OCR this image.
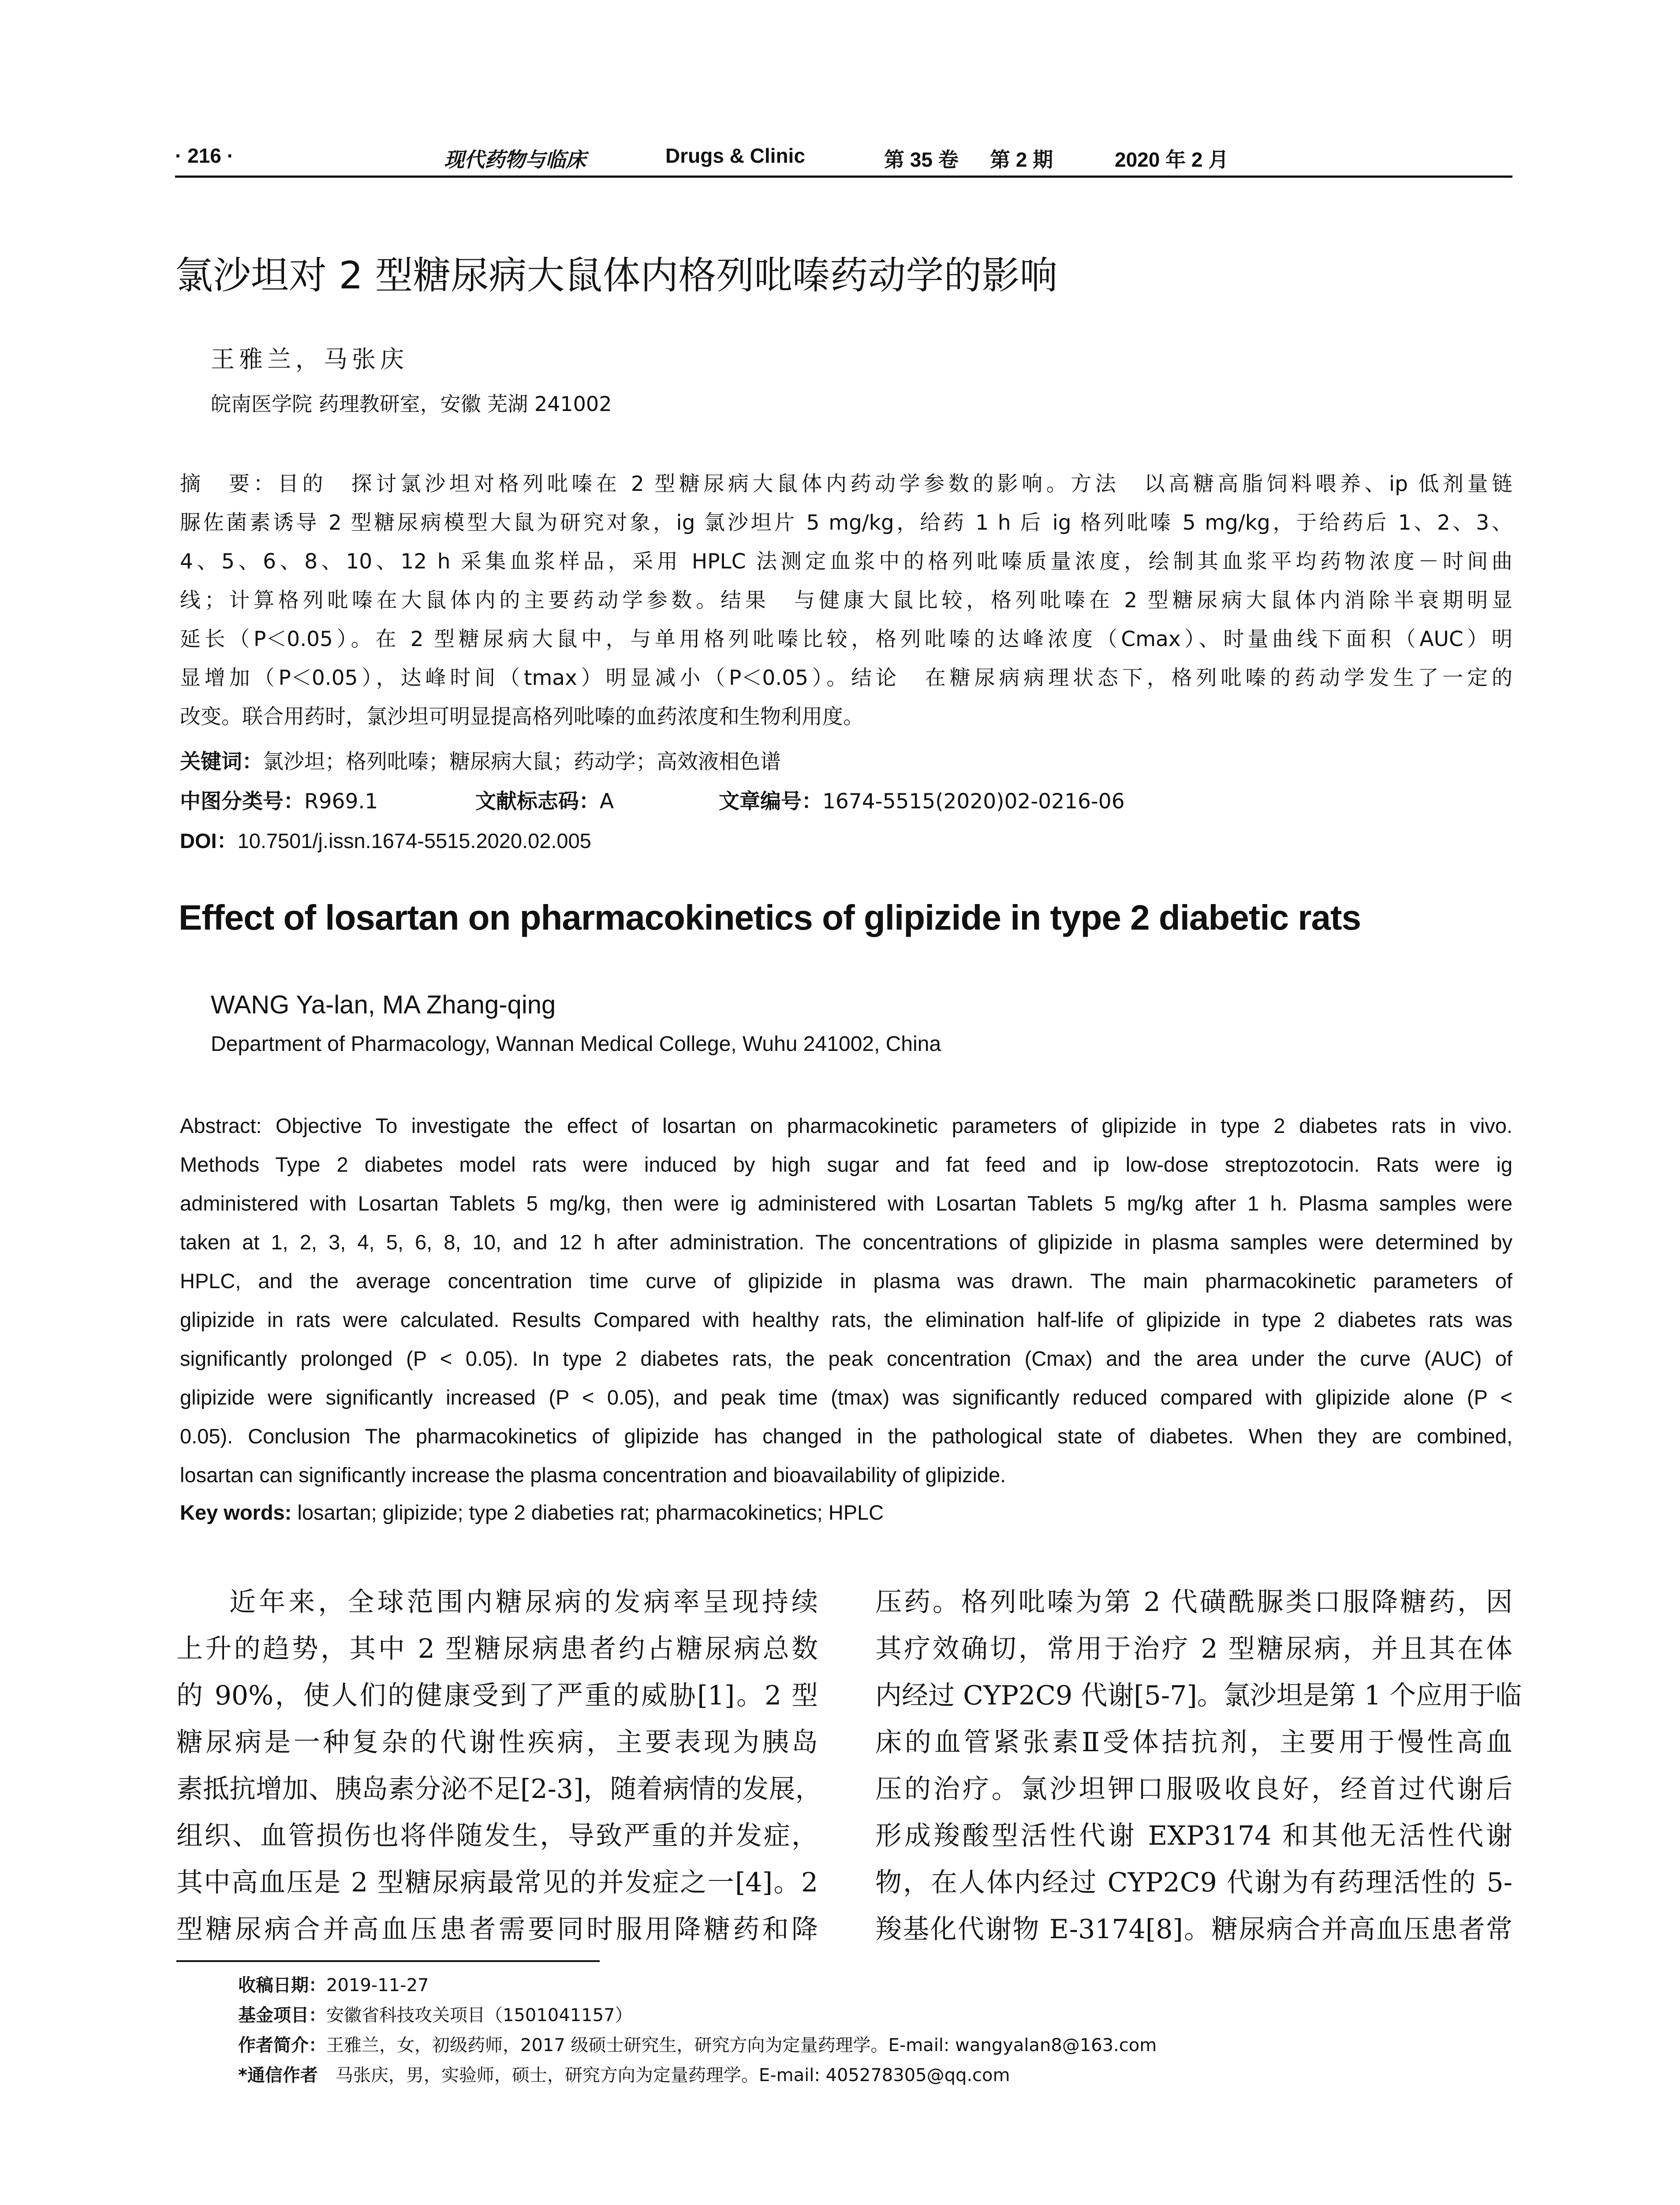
· 216 ·	现代药物与临床	Drugs & Clinic	第 35 卷 第 2 期	2020 年 2 月
氯沙坦对 2 型糖尿病大鼠体内格列吡嗪药动学的影响
王雅兰，马张庆
皖南医学院 药理教研室，安徽 芜湖 241002
摘　要：目的　探讨氯沙坦对格列吡嗪在 2 型糖尿病大鼠体内药动学参数的影响。方法　以高糖高脂饲料喂养、ip 低剂量链
脲佐菌素诱导 2 型糖尿病模型大鼠为研究对象，ig 氯沙坦片 5 mg/kg，给药 1 h 后 ig 格列吡嗪 5 mg/kg，于给药后 1、2、3、
4、5、6、8、10、12 h 采集血浆样品，采用 HPLC 法测定血浆中的格列吡嗪质量浓度，绘制其血浆平均药物浓度－时间曲
线；计算格列吡嗪在大鼠体内的主要药动学参数。结果　与健康大鼠比较，格列吡嗪在 2 型糖尿病大鼠体内消除半衰期明显
延长（P＜0.05）。在 2 型糖尿病大鼠中，与单用格列吡嗪比较，格列吡嗪的达峰浓度（Cmax）、时量曲线下面积（AUC）明
显增加（P＜0.05），达峰时间（tmax）明显减小（P＜0.05）。结论　在糖尿病病理状态下，格列吡嗪的药动学发生了一定的
改变。联合用药时，氯沙坦可明显提高格列吡嗪的血药浓度和生物利用度。
关键词：氯沙坦；格列吡嗪；糖尿病大鼠；药动学；高效液相色谱
中图分类号：R969.1	文献标志码：A	文章编号：1674-5515(2020)02-0216-06
DOI：10.7501/j.issn.1674-5515.2020.02.005
Effect of losartan on pharmacokinetics of glipizide in type 2 diabetic rats
WANG Ya-lan, MA Zhang-qing
Department of Pharmacology, Wannan Medical College, Wuhu 241002, China
Abstract: Objective To investigate the effect of losartan on pharmacokinetic parameters of glipizide in type 2 diabetes rats in vivo.
Methods Type 2 diabetes model rats were induced by high sugar and fat feed and ip low-dose streptozotocin. Rats were ig
administered with Losartan Tablets 5 mg/kg, then were ig administered with Losartan Tablets 5 mg/kg after 1 h. Plasma samples were
taken at 1, 2, 3, 4, 5, 6, 8, 10, and 12 h after administration. The concentrations of glipizide in plasma samples were determined by
HPLC, and the average concentration time curve of glipizide in plasma was drawn. The main pharmacokinetic parameters of
glipizide in rats were calculated. Results Compared with healthy rats, the elimination half-life of glipizide in type 2 diabetes rats was
significantly prolonged (P < 0.05). In type 2 diabetes rats, the peak concentration (Cmax) and the area under the curve (AUC) of
glipizide were significantly increased (P < 0.05), and peak time (tmax) was significantly reduced compared with glipizide alone (P <
0.05). Conclusion The pharmacokinetics of glipizide has changed in the pathological state of diabetes. When they are combined,
losartan can significantly increase the plasma concentration and bioavailability of glipizide.
Key words: losartan; glipizide; type 2 diabeties rat; pharmacokinetics; HPLC
近年来，全球范围内糖尿病的发病率呈现持续
上升的趋势，其中 2 型糖尿病患者约占糖尿病总数
的 90%，使人们的健康受到了严重的威胁[1]。2 型
糖尿病是一种复杂的代谢性疾病，主要表现为胰岛
素抵抗增加、胰岛素分泌不足[2-3]，随着病情的发展，
组织、血管损伤也将伴随发生，导致严重的并发症，
其中高血压是 2 型糖尿病最常见的并发症之一[4]。2
型糖尿病合并高血压患者需要同时服用降糖药和降
压药。格列吡嗪为第 2 代磺酰脲类口服降糖药，因
其疗效确切，常用于治疗 2 型糖尿病，并且其在体
内经过 CYP2C9 代谢[5-7]。氯沙坦是第 1 个应用于临
床的血管紧张素Ⅱ受体拮抗剂，主要用于慢性高血
压的治疗。氯沙坦钾口服吸收良好，经首过代谢后
形成羧酸型活性代谢 EXP3174 和其他无活性代谢
物，在人体内经过 CYP2C9 代谢为有药理活性的 5-
羧基化代谢物 E-3174[8]。糖尿病合并高血压患者常
收稿日期：2019-11-27
基金项目：安徽省科技攻关项目（1501041157）
作者简介：王雅兰，女，初级药师，2017 级硕士研究生，研究方向为定量药理学。E-mail: wangyalan8@163.com
*通信作者　马张庆，男，实验师，硕士，研究方向为定量药理学。E-mail: 405278305@qq.com
